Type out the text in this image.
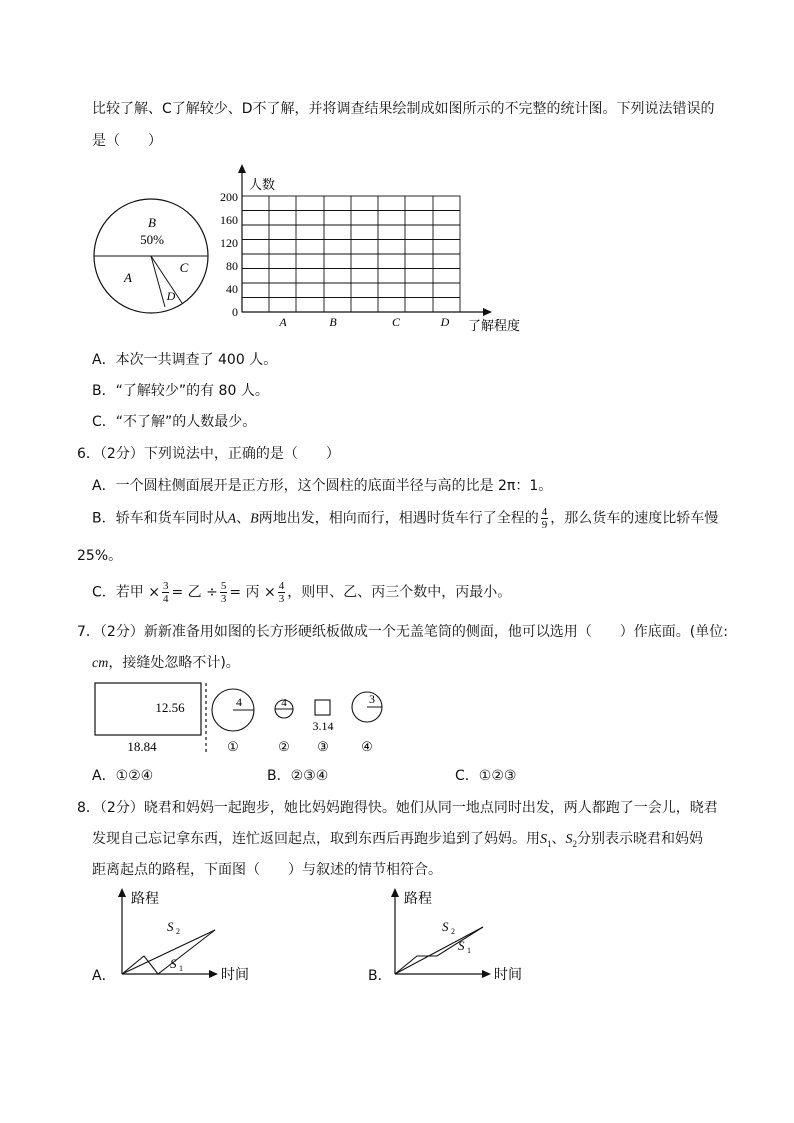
比较了解、C了解较少、D不了解，并将调查结果绘制成如图所示的不完整的统计图。下列说法错误的
是（　　）
B
50%
A
C
D
人数
200
160
120
80
40
0
A	B	C	D 了解程度
A．本次一共调查了 400 人。
B．“了解较少”的有 80 人。
C．“不了解”的人数最少。
6．（2分）下列说法中，正确的是（　　）
A．一个圆柱侧面展开是正方形，这个圆柱的底面半径与高的比是 2π：1。
B．轿车和货车同时从A、B两地出发，相向而行，相遇时货车行了全程的 $\frac{4}{9}$ ，那么货车的速度比轿车慢
25%。
C．若甲 × $\frac{3}{4}$ = 乙 ÷ $\frac{5}{3}$ = 丙 × $\frac{4}{3}$ ，则甲、乙、丙三个数中，丙最小。
7．（2分）新新准备用如图的长方形硬纸板做成一个无盖笔筒的侧面，他可以选用（　　）作底面。(单位:
cm，接缝处忽略不计)。
12.56
18.84
4
①
4
②
3.14
③
3
④
A．①②④	B．②③④	C．①②③
8．（2分）晓君和妈妈一起跑步，她比妈妈跑得快。她们从同一地点同时出发，两人都跑了一会儿，晓君
发现自己忘记拿东西，连忙返回起点，取到东西后再跑步追到了妈妈。用$S_1$、$S_2$分别表示晓君和妈妈
距离起点的路程，下面图（　　）与叙述的情节相符合。
A．
路程
时间
S 2
S 1	B．
路程
时间
S 2
S 1
